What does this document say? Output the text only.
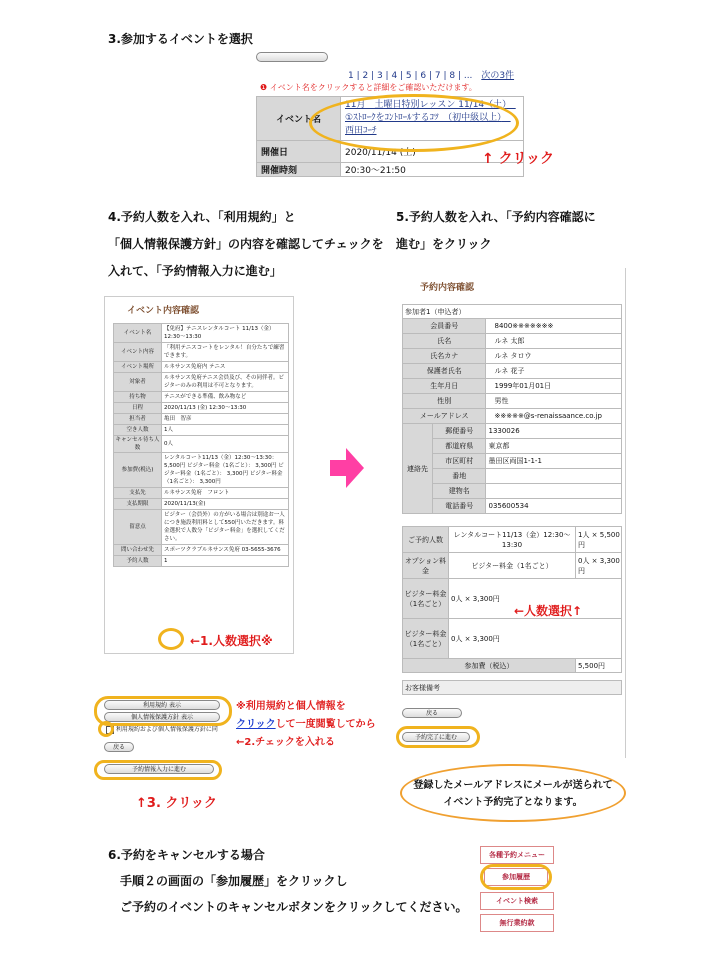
3.参加するイベントを選択
1 | 2 | 3 | 4 | 5 | 6 | 7 | 8 | ... 次の3件
❶ イベント名をクリックすると詳細をご確認いただけます。
イベント名	11月　土曜日特別レッスン 11/14（土）　①ｽﾄﾛｰｸをｺﾝﾄﾛｰﾙするｺﾂ　（初中級以上）　西田ｺｰﾁ
開催日	2020/11/14 (土)
開催時刻	20:30〜21:50
↑ クリック
4.予約人数を入れ、「利用規約」と
「個人情報保護方針」の内容を確認してチェックを
入れて、「予約情報入力に進む」
イベント内容確認
イベント名	【免府】テニスレンタルコート 11/13（金）12:30〜13:30
イベント内容	「利用テニスコートをレンタル！自分たちで練習できます。
イベント場所	ルネサンス免府内 テニス
対象者	ルネサンス免府テニス会員及び、その同伴者。ビジターのみの利用は不可となります。
持ち物	テニスができる準備、飲み物など
日程	2020/11/13 (金) 12:30〜13:30
担当者	亀田　智彦
空き人数	1人
キャンセル待ち人数	0人
参加費(税込)	レンタルコート11/13（金）12:30〜13:30：5,500円 ビジター料金（1名ごと）： 3,300円 ビジター料金（1名ごと）： 3,300円 ビジター料金（1名ごと）： 3,300円
支払先	ルネサンス免府　フロント
支払期限	2020/11/13(金)
留意点	ビジター（会員外）の方がいる場合は別途お一人につき施設利用料として550円いただきます。料金選択で人数分「ビジター料金」を選択してください。
問い合わせ先	スポーツクラブルネサンス免府 03-5655-3676
予約人数	1
←1.人数選択※
利用規約 表示
個人情報保護方針 表示
利用規約および個人情報保護方針に同
戻る
予約情報入力に進む
※利用規約と個人情報を
クリックして一度閲覧してから
←2.チェックを入れる
↑3. クリック
5.予約人数を入れ、「予約内容確認に
進む」をクリック
予約内容確認
参加者1（申込者）		
会員番号		8400※※※※※※※
氏名		ルネ 太郎
氏名カナ		ルネ タロウ
保護者氏名		ルネ 花子
生年月日		1999年01月01日
性別		男性
メールアドレス		※※※※※@s-renaissaance.co.jp
連絡先	郵便番号	1330026
	都道府県	東京都
	市区町村	墨田区両国1-1-1
	番地	
	建物名	
	電話番号	035600534
ご予約人数	レンタルコート11/13（金）12:30〜13:30	1人 × 5,500円
オプション料金	ビジター料金（1名ごと）	0人 × 3,300円
ビジター料金（1名ごと）	0人 × 3,300円	
ビジター料金（1名ごと）	0人 × 3,300円	
参加費（税込）		5,500円
←人数選択↑
お客様備考
戻る
予約完了に進む
登録したメールアドレスにメールが送られて
イベント予約完了となります。
6.予約をキャンセルする場合
手順２の画面の「参加履歴」をクリックし
ご予約のイベントのキャンセルボタンをクリックしてください。
各種予約メニュー
参加履歴
イベント検索
無行業約款
